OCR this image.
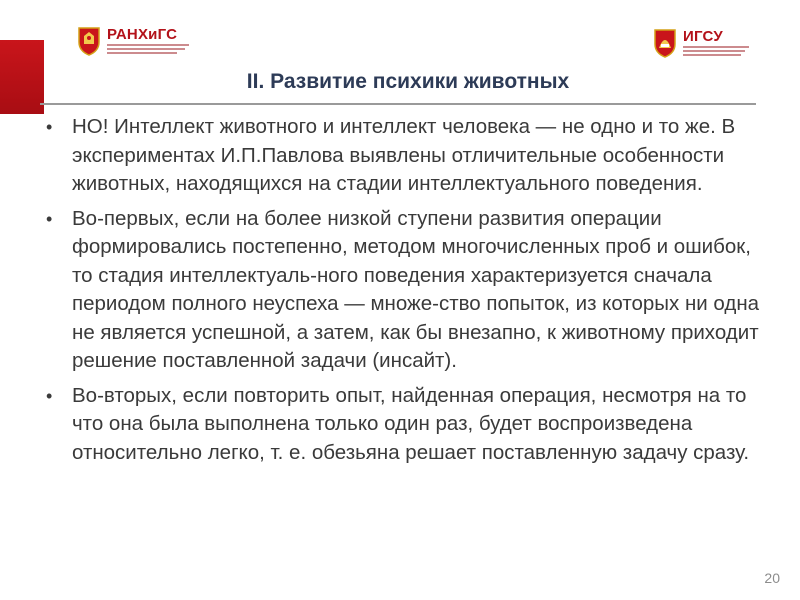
РАНХиГС	ИГСУ
II. Развитие психики животных
• НО! Интеллект животного и интеллект человека — не одно и то же. В экспериментах И.П.Павлова выявлены отличительные особенности животных, находящихся на стадии интеллектуального поведения.
• Во-первых, если на более низкой ступени развития операции формировались постепенно, методом многочисленных проб и ошибок, то стадия интеллектуаль-ного поведения характеризуется сначала периодом полного неуспеха — множе-ство попыток, из которых ни одна не является успешной, а затем, как бы внезапно, к животному приходит решение поставленной задачи (инсайт).
• Во-вторых, если повторить опыт, найденная операция, несмотря на то что она была выполнена только один раз, будет воспроизведена относительно легко, т. е. обезьяна решает поставленную задачу сразу.
20
